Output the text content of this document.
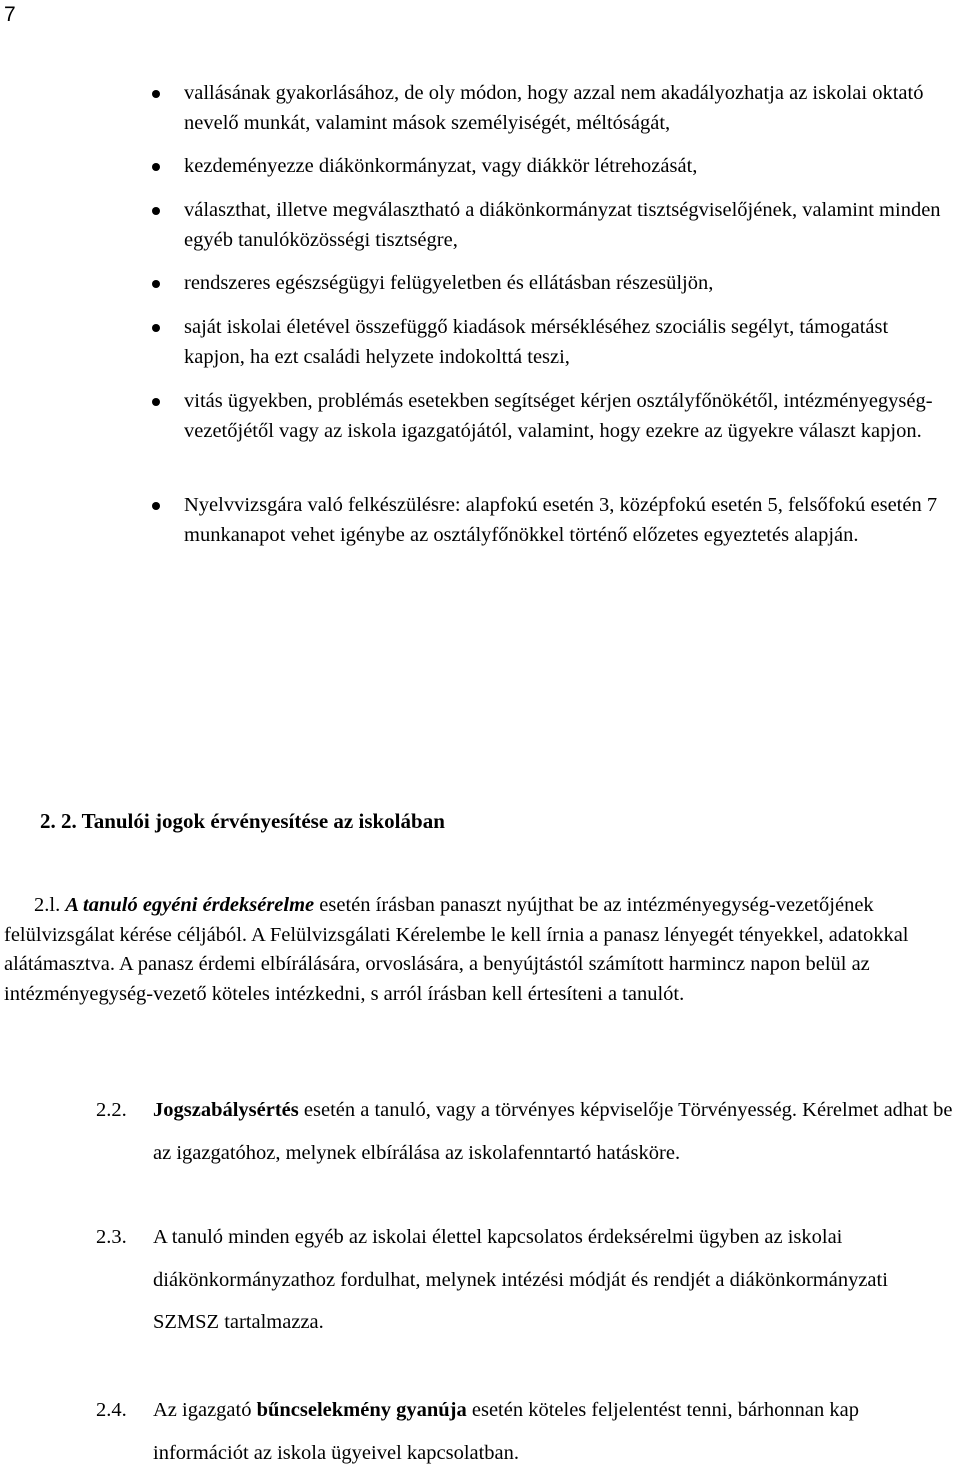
7
vallásának gyakorlásához, de oly módon, hogy azzal nem akadályozhatja az iskolai oktató nevelő munkát, valamint mások személyiségét, méltóságát,
kezdeményezze diákönkormányzat, vagy diákkör létrehozását,
választhat, illetve megválasztható a diákönkormányzat tisztségviselőjének, valamint minden egyéb tanulóközösségi tisztségre,
rendszeres egészségügyi felügyeletben és ellátásban részesüljön,
saját iskolai életével összefüggő kiadások mérsékléséhez szociális segélyt, támogatást kapjon, ha ezt családi helyzete indokolttá teszi,
vitás ügyekben, problémás esetekben segítséget kérjen osztályfőnökétől, intézményegység-vezetőjétől vagy az iskola igazgatójától, valamint, hogy ezekre az ügyekre választ kapjon.
Nyelvvizsgára való felkészülésre: alapfokú esetén 3, középfokú esetén 5, felsőfokú esetén 7 munkanapot vehet igénybe az osztályfőnökkel történő előzetes egyeztetés alapján.
2. 2. Tanulói jogok érvényesítése az iskolában
2.l. A tanuló egyéni érdeksérelme esetén írásban panaszt nyújthat be az intézményegység-vezetőjének felülvizsgálat kérése céljából. A Felülvizsgálati Kérelembe le kell írnia a panasz lényegét tényekkel, adatokkal alátámasztva. A panasz érdemi elbírálására, orvoslására, a benyújtástól számított harmincz napon belül az intézményegység-vezető köteles intézkedni, s arról írásban kell értesíteni a tanulót.
2.2. Jogszabálysértés esetén a tanuló, vagy a törvényes képviselője Törvényesség. Kérelmet adhat be az igazgatóhoz, melynek elbírálása az iskolafenntartó hatásköre.
2.3. A tanuló minden egyéb az iskolai élettel kapcsolatos érdeksérelmi ügyben az iskolai diákönkormányzathoz fordulhat, melynek intézési módját és rendjét a diákönkormányzati SZMSZ tartalmazza.
2.4. Az igazgató bűncselekmény gyanúja esetén köteles feljelentést tenni, bárhonnan kap információt az iskola ügyeivel kapcsolatban.
